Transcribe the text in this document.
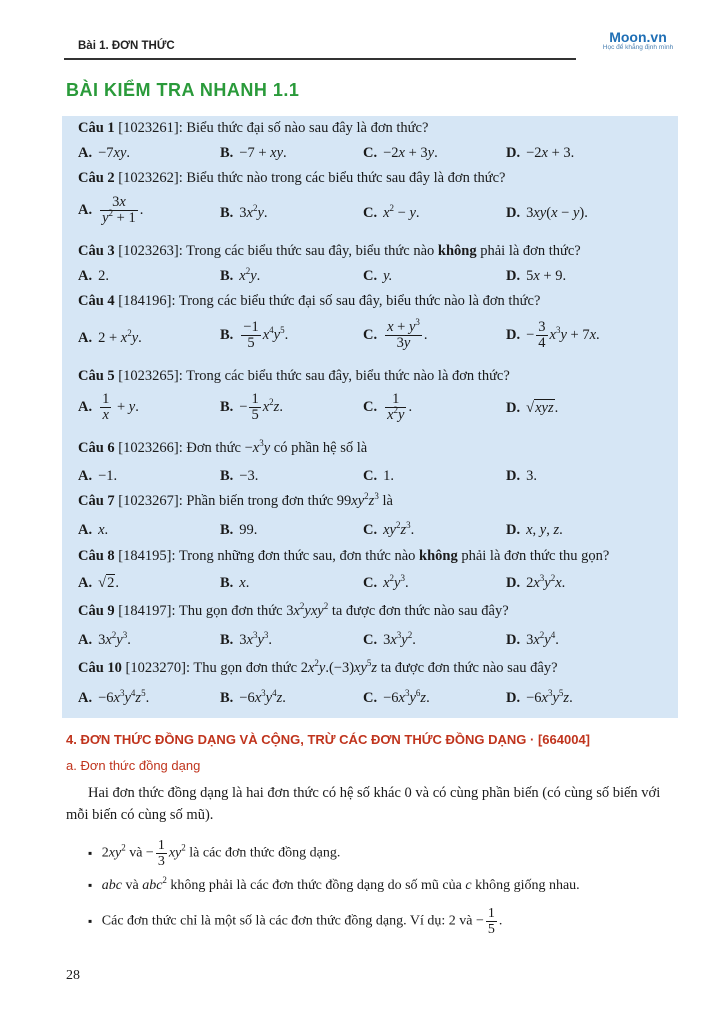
Bài 1. ĐƠN THỨC
Moon.vn
Học để khẳng định mình
BÀI KIỂM TRA NHANH 1.1
Câu 1 [1023261]: Biểu thức đại số nào sau đây là đơn thức?
A. −7xy.	B. −7 + xy.	C. −2x + 3y.	D. −2x + 3.
Câu 2 [1023262]: Biểu thức nào trong các biểu thức sau đây là đơn thức?
A. $\frac{3x}{y^2 + 1}$ .	B. $3x^2y$.	C. $x^2 - y$.	D. 3xy(x − y).
Câu 3 [1023263]: Trong các biểu thức sau đây, biểu thức nào không phải là đơn thức?
A. 2.	B. $x^2y$.	C. y.	D. 5x + 9.
Câu 4 [184196]: Trong các biểu thức đại số sau đây, biểu thức nào là đơn thức?
A. $2 + x^2y$.	B. $\frac{-1}{5} x^4y^5$.	C. $\frac{x + y^3}{3y}$ .	D. − $\frac{3}{4} x^3y + 7x$.
Câu 5 [1023265]: Trong các biểu thức sau đây, biểu thức nào là đơn thức?
A. $\frac{1}{x} + y$.	B. − $\frac{1}{5} x^2z$.	C. $\frac{1}{x^2y}$ .	D. √xyz.
Câu 6 [1023266]: Đơn thức $-x^3y$ có phần hệ số là
A. −1.	B. −3.	C. 1.	D. 3.
Câu 7 [1023267]: Phần biến trong đơn thức $99xy^2z^3$ là
A. x.	B. 99.	C. $xy^2z^3$.	D. x, y, z.
Câu 8 [184195]: Trong những đơn thức sau, đơn thức nào không phải là đơn thức thu gọn?
A. √2.	B. x.	C. $x^2y^3$.	D. $2x^3y^2x$.
Câu 9 [184197]: Thu gọn đơn thức $3x^2yxy^2$ ta được đơn thức nào sau đây?
A. $3x^2y^3$.	B. $3x^3y^3$.	C. $3x^3y^2$.	D. $3x^2y^4$.
Câu 10 [1023270]: Thu gọn đơn thức $2x^2y.(-3)xy^5z$ ta được đơn thức nào sau đây?
A. $-6x^3y^4z^5$.	B. $-6x^3y^4z$.	C. $-6x^3y^6z$.	D. $-6x^3y^5z$.
4. ĐƠN THỨC ĐỒNG DẠNG VÀ CỘNG, TRỪ CÁC ĐƠN THỨC ĐỒNG DẠNG · [664004]
a. Đơn thức đồng dạng
Hai đơn thức đồng dạng là hai đơn thức có hệ số khác 0 và có cùng phần biến (có cùng số biến với mỗi biến có cùng số mũ).
▪ $2xy^2$ và − $\frac{1}{3} xy^2$ là các đơn thức đồng dạng.
▪ abc và abc$^2$ không phải là các đơn thức đồng dạng do số mũ của c không giống nhau.
▪ Các đơn thức chỉ là một số là các đơn thức đồng dạng. Ví dụ: 2 và − $\frac{1}{5}$ .
28
